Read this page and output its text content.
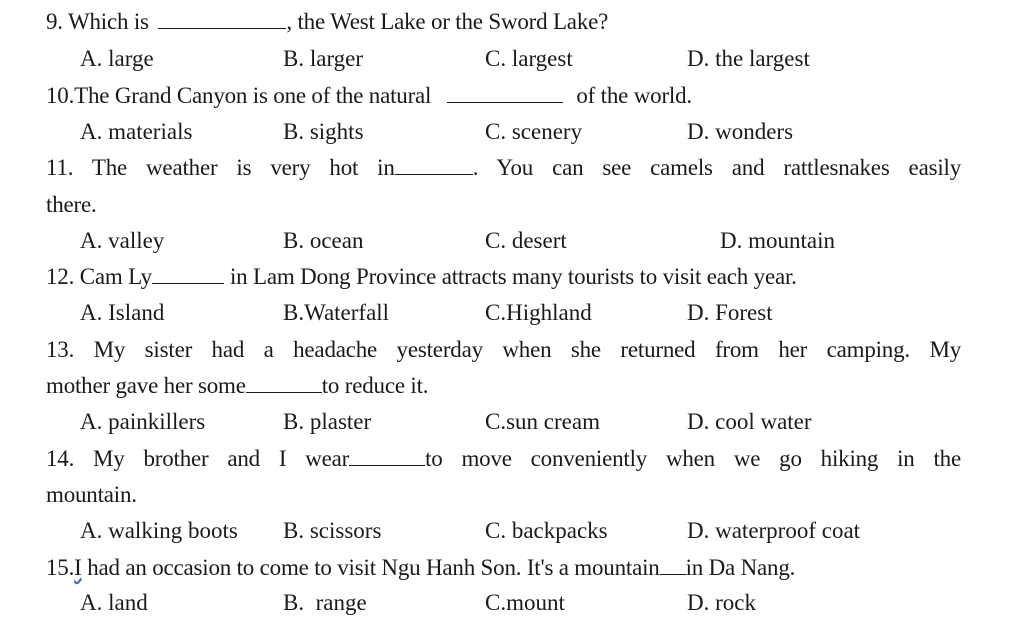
9. Which is	, the West Lake or the Sword Lake?
A. large	B. larger	C. largest	D. the largest
10.The Grand Canyon is one of the natural	of the world.
A. materials	B. sights	C. scenery	D. wonders
11. The weather is very hot in	. You can see camels and rattlesnakes easily
there.
A. valley	B. ocean	C. desert	D. mountain
12. Cam Ly	in Lam Dong Province attracts many tourists to visit each year.
A. Island	B.Waterfall	C.Highland	D. Forest
13. My sister had a headache yesterday when she returned from her camping. My
mother gave her some	to reduce it.
A. painkillers	B. plaster	C.sun cream	D. cool water
14. My brother and I wear	to move conveniently when we go hiking in the
mountain.
A. walking boots B. scissors	C. backpacks	D. waterproof coat
15.I had an occasion to come to visit Ngu Hanh Son. It's a mountain in Da Nang.
A. land	B.  range	C.mount	D. rock
